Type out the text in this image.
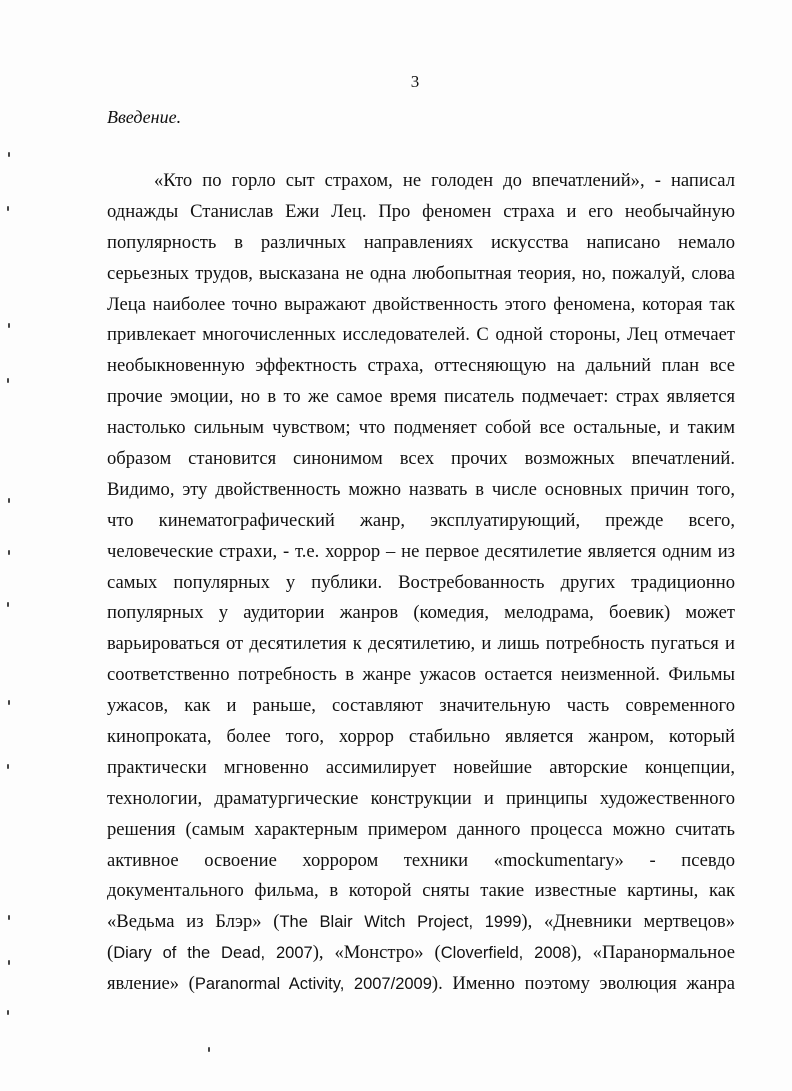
3
Введение.
«Кто по горло сыт страхом, не голоден до впечатлений», - написал
однажды Станислав Ежи Лец. Про феномен страха и его необычайную
популярность в различных направлениях искусства написано немало
серьезных трудов, высказана не одна любопытная теория, но, пожалуй, слова
Леца наиболее точно выражают двойственность этого феномена, которая так
привлекает многочисленных исследователей. С одной стороны, Лец отмечает
необыкновенную эффектность страха, оттесняющую на дальний план все
прочие эмоции, но в то же самое время писатель подмечает: страх является
настолько сильным чувством; что подменяет собой все остальные, и таким
образом становится синонимом всех прочих возможных впечатлений.
Видимо, эту двойственность можно назвать в числе основных причин того,
что кинематографический жанр, эксплуатирующий, прежде всего,
человеческие страхи, - т.е. хоррор – не первое десятилетие является одним из
самых популярных у публики. Востребованность других традиционно
популярных у аудитории жанров (комедия, мелодрама, боевик) может
варьироваться от десятилетия к десятилетию, и лишь потребность пугаться и
соответственно потребность в жанре ужасов остается неизменной. Фильмы
ужасов, как и раньше, составляют значительную часть современного
кинопроката, более того, хоррор стабильно является жанром, который
практически мгновенно ассимилирует новейшие авторские концепции,
технологии, драматургические конструкции и принципы художественного
решения (самым характерным примером данного процесса можно считать
активное освоение хоррором техники «mockumentary» - псевдо
документального фильма, в которой сняты такие известные картины, как
«Ведьма из Блэр» (The Blair Witch Project, 1999), «Дневники мертвецов»
(Diary of the Dead, 2007), «Монстро» (Cloverfield, 2008), «Паранормальное
явление» (Paranormal Activity, 2007/2009). Именно поэтому эволюция жанра
